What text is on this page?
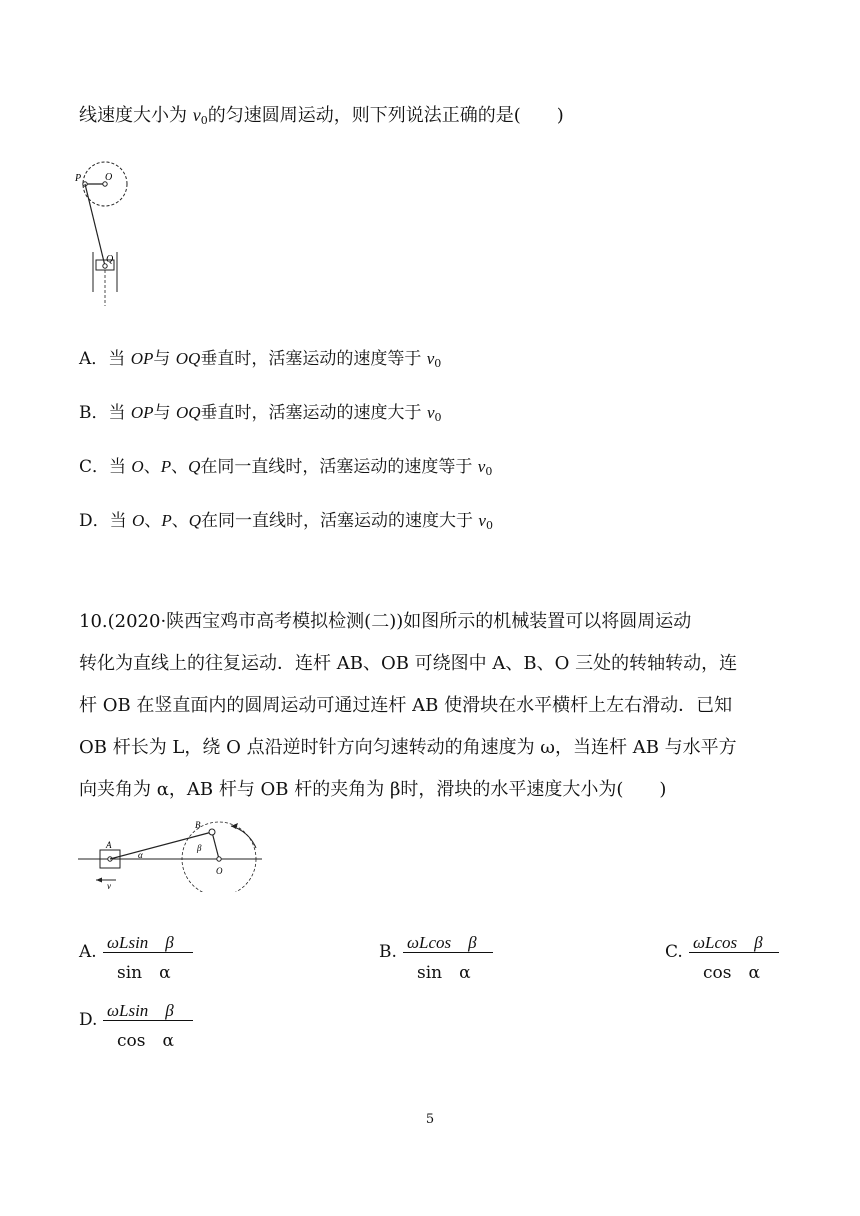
线速度大小为 $v_0$的匀速圆周运动，则下列说法正确的是(　　)
P O
Q
A．当 OP与 OQ垂直时，活塞运动的速度等于 $v_0$
B．当 OP与 OQ垂直时，活塞运动的速度大于 $v_0$
C．当 O、P、Q在同一直线时，活塞运动的速度等于 $v_0$
D．当 O、P、Q在同一直线时，活塞运动的速度大于 $v_0$
10.(2020·陕西宝鸡市高考模拟检测(二))如图所示的机械装置可以将圆周运动
转化为直线上的往复运动．连杆 AB、OB 可绕图中 A、B、O 三处的转轴转动，连
杆 OB 在竖直面内的圆周运动可通过连杆 AB 使滑块在水平横杆上左右滑动．已知
OB 杆长为 L，绕 O 点沿逆时针方向匀速转动的角速度为 ω，当连杆 AB 与水平方
向夹角为 α，AB 杆与 OB 杆的夹角为 β时，滑块的水平速度大小为(　　)
A
B
O
α
β
v
A. ωLsin　β
sin　α
B. ωLcos　β
sin　α
C. ωLcos　β
cos　α
D. ωLsin　β
cos　α
5
